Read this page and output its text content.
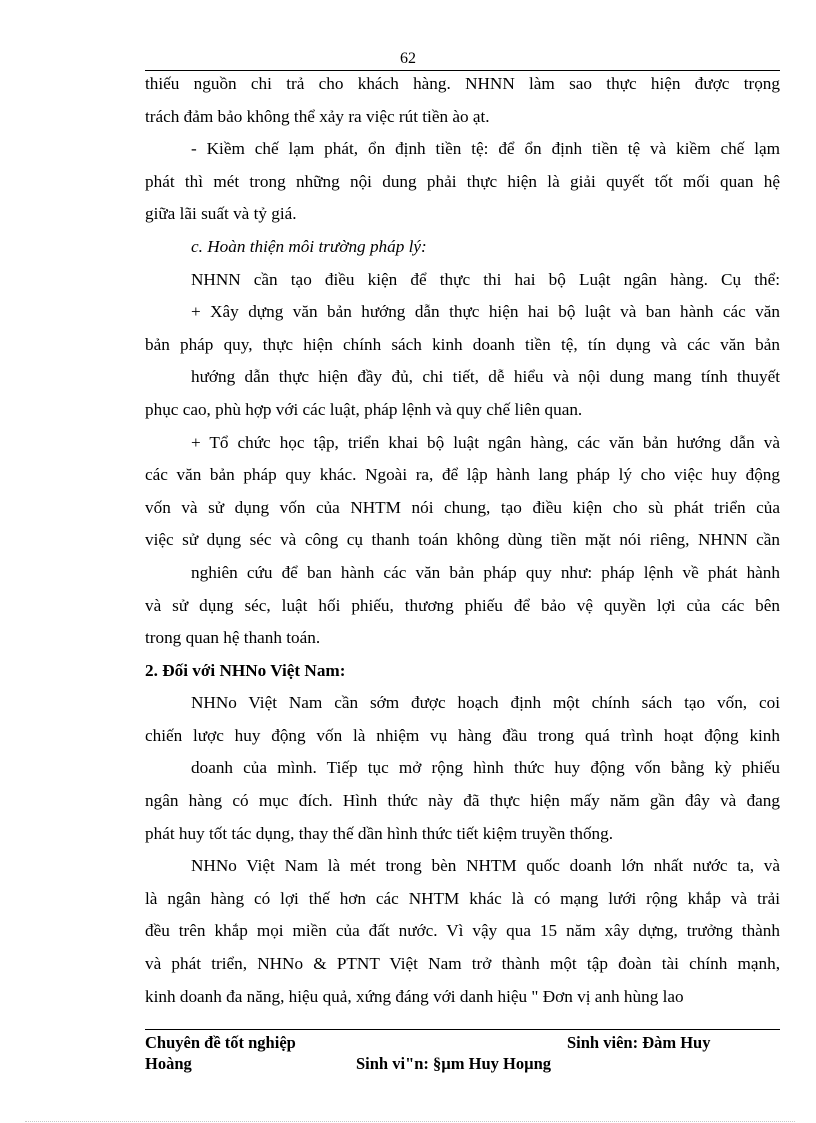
62
thiếu nguồn chi trả cho khách hàng. NHNN làm sao thực hiện được trọng
trách đảm bảo không thể xảy ra việc rút tiền ào ạt.
- Kiềm chế lạm phát, ổn định tiền tệ: để ổn định tiền tệ và kiềm chế lạm
phát thì mét trong những nội dung phải thực hiện là giải quyết tốt mối quan hệ
giữa lãi suất và tỷ giá.
c. Hoàn thiện môi trường pháp lý:
NHNN cần tạo điều kiện để thực thi hai bộ Luật ngân hàng. Cụ thể:
+ Xây dựng văn bản hướng dẫn thực hiện hai bộ luật và ban hành các văn
bản pháp quy, thực hiện chính sách kinh doanh tiền tệ, tín dụng và các văn bản
hướng dẫn thực hiện đầy đủ, chi tiết, dễ hiểu và nội dung mang tính thuyết
phục cao, phù hợp với các luật, pháp lệnh và quy chế liên quan.
+ Tổ chức học tập, triển khai bộ luật ngân hàng, các văn bản hướng dẫn và
các văn bản pháp quy khác. Ngoài ra, để lập hành lang pháp lý cho việc huy động
vốn và sử dụng vốn của NHTM nói chung, tạo điều kiện cho sù phát triển của
việc sử dụng séc và công cụ thanh toán không dùng tiền mặt nói riêng, NHNN cần
nghiên cứu để ban hành các văn bản pháp quy như: pháp lệnh về phát hành
và sử dụng séc, luật hối phiếu, thương phiếu để bảo vệ quyền lợi của các bên
trong quan hệ thanh toán.
2. Đối với NHNo Việt Nam:
NHNo Việt Nam cần sớm được hoạch định một chính sách tạo vốn, coi
chiến lược huy động vốn là nhiệm vụ hàng đầu trong quá trình hoạt động kinh
doanh của mình. Tiếp tục mở rộng hình thức huy động vốn bằng kỳ phiếu
ngân hàng có mục đích. Hình thức này đã thực hiện mấy năm gần đây và đang
phát huy tốt tác dụng, thay thế dần hình thức tiết kiệm truyền thống.
NHNo Việt Nam là mét trong bèn NHTM quốc doanh lớn nhất nước ta, và
là ngân hàng có lợi thế hơn các NHTM khác là có mạng lưới rộng khắp và trải
đều trên khắp mọi miền của đất nước. Vì vậy qua 15 năm xây dựng, trưởng thành
và phát triển, NHNo & PTNT Việt Nam trở thành một tập đoàn tài chính mạnh,
kinh doanh đa năng, hiệu quả, xứng đáng với danh hiệu " Đơn vị anh hùng lao
Chuyên đề tốt nghiệp	Sinh viên: Đàm Huy
Hoàng	Sinh vi"n: §µm Huy Hoµng
